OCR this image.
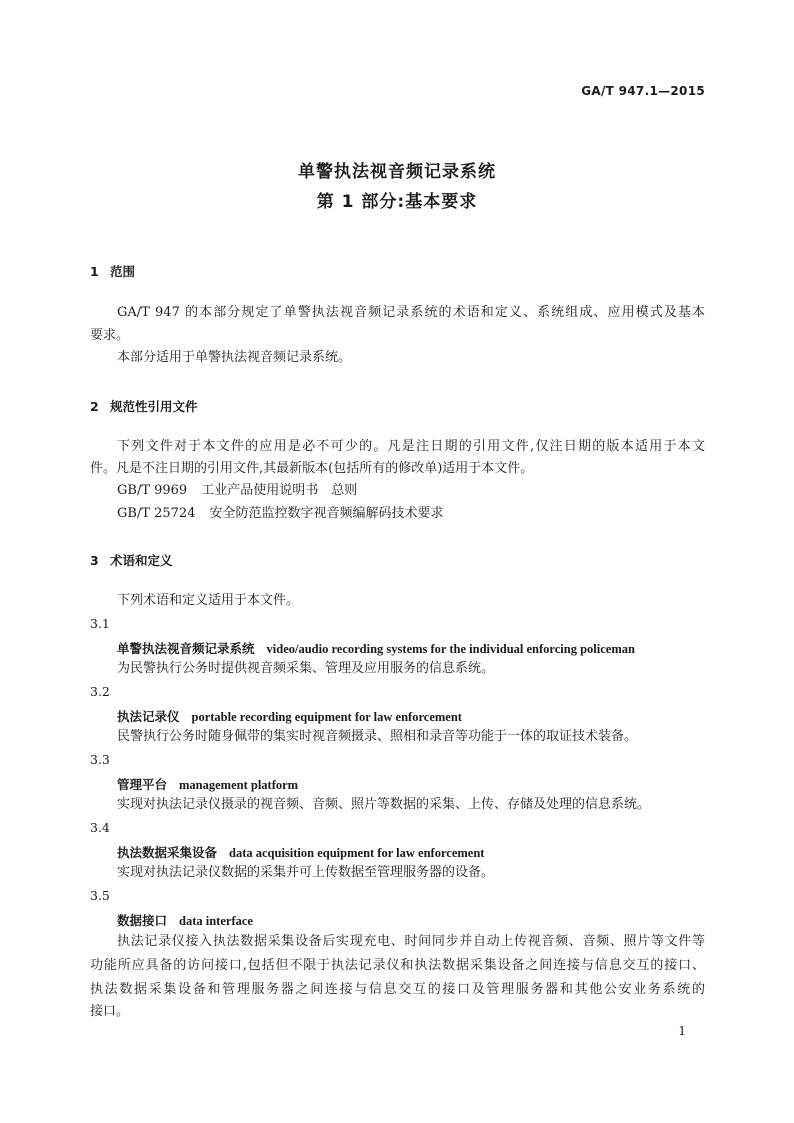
GA/T 947.1—2015
单警执法视音频记录系统
第 1 部分:基本要求
1 范围
GA/T 947 的本部分规定了单警执法视音频记录系统的术语和定义、系统组成、应用模式及基本
要求。
本部分适用于单警执法视音频记录系统。
2 规范性引用文件
下列文件对于本文件的应用是必不可少的。凡是注日期的引用文件,仅注日期的版本适用于本文
件。凡是不注日期的引用文件,其最新版本(包括所有的修改单)适用于本文件。
GB/T 9969 工业产品使用说明书　总则
GB/T 25724 安全防范监控数字视音频编解码技术要求
3 术语和定义
下列术语和定义适用于本文件。
3.1
单警执法视音频记录系统 video/audio recording systems for the individual enforcing policeman
为民警执行公务时提供视音频采集、管理及应用服务的信息系统。
3.2
执法记录仪 portable recording equipment for law enforcement
民警执行公务时随身佩带的集实时视音频摄录、照相和录音等功能于一体的取证技术装备。
3.3
管理平台 management platform
实现对执法记录仪摄录的视音频、音频、照片等数据的采集、上传、存储及处理的信息系统。
3.4
执法数据采集设备 data acquisition equipment for law enforcement
实现对执法记录仪数据的采集并可上传数据至管理服务器的设备。
3.5
数据接口 data interface
执法记录仪接入执法数据采集设备后实现充电、时间同步并自动上传视音频、音频、照片等文件等
功能所应具备的访问接口,包括但不限于执法记录仪和执法数据采集设备之间连接与信息交互的接口、
执法数据采集设备和管理服务器之间连接与信息交互的接口及管理服务器和其他公安业务系统的
接口。
1
